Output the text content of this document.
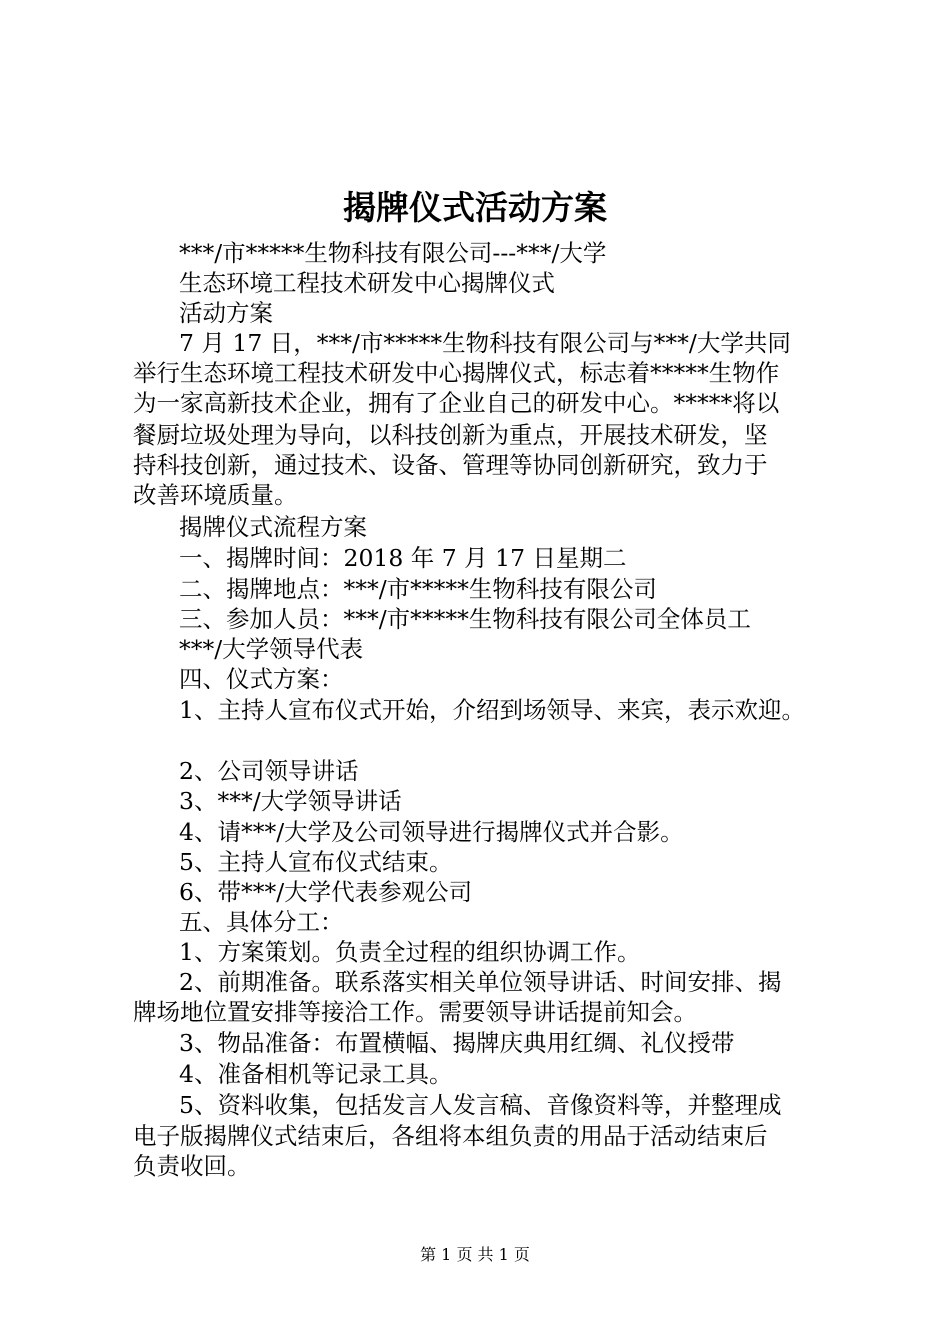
揭牌仪式活动方案
***/市*****生物科技有限公司---***/大学
生态环境工程技术研发中心揭牌仪式
活动方案
7 月 17 日，***/市*****生物科技有限公司与***/大学共同
举行生态环境工程技术研发中心揭牌仪式，标志着*****生物作
为一家高新技术企业，拥有了企业自己的研发中心。*****将以
餐厨垃圾处理为导向，以科技创新为重点，开展技术研发，坚
持科技创新，通过技术、设备、管理等协同创新研究，致力于
改善环境质量。
揭牌仪式流程方案
一、揭牌时间：2018 年 7 月 17 日星期二
二、揭牌地点：***/市*****生物科技有限公司
三、参加人员：***/市*****生物科技有限公司全体员工
***/大学领导代表
四、仪式方案：
1、主持人宣布仪式开始，介绍到场领导、来宾，表示欢迎。
2、公司领导讲话
3、***/大学领导讲话
4、请***/大学及公司领导进行揭牌仪式并合影。
5、主持人宣布仪式结束。
6、带***/大学代表参观公司
五、具体分工：
1、方案策划。负责全过程的组织协调工作。
2、前期准备。联系落实相关单位领导讲话、时间安排、揭
牌场地位置安排等接洽工作。需要领导讲话提前知会。
3、物品准备：布置横幅、揭牌庆典用红绸、礼仪授带
4、准备相机等记录工具。
5、资料收集，包括发言人发言稿、音像资料等，并整理成
电子版揭牌仪式结束后，各组将本组负责的用品于活动结束后
负责收回。
第 1 页 共 1 页
